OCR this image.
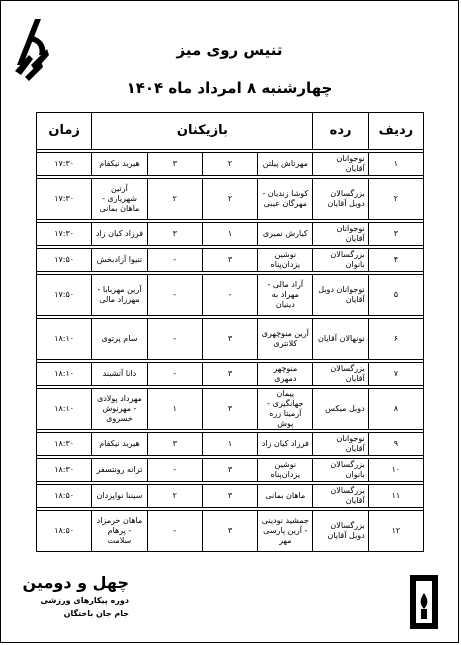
تنیس روی میز
چهارشنبه ۸ امرداد ماه ۱۴۰۴
ردیف	رده	بازیکنان				زمان

۱	نوجوانان آقایان	مهرتاش پیلتن	۲	۳	هیربد نیکفام	۱۷:۳۰

۲	بزرگسالان دوبل آقایان	کوشا زندیان - مهرگان عیبی	۲	۲	آرتین شهریاری - ماهان بمانی	۱۷:۳۰

۳	نوجوانان آقایان	کیارش نمیری	۱	۳	فرزاد کیان زاد	۱۷:۳۰

۴	بزرگسالان بانوان	نوشین یزدان‌پناه	۳	-	تنیوا آزادبخش	۱۷:۵۰

۵	نوجوانان دوبل آقایان	آراد مالی - مهراد به دینیان	-	-	آرین مهربابا - مهرزاد مالی	۱۷:۵۰

۶	نونهالان آقایان	آرین منوچهری کلانتری	۳	-	سام پرتوی	۱۸:۱۰

۷	بزرگسالان آقایان	منوچهر دمهری	۳	-	دانا آتشبند	۱۸:۱۰

۸	دوبل میکس	پیمان جهانگیری - آرمیتا زره پوش	۳	۱	مهرداد پولادی - مهرنوش خسروی	۱۸:۱۰

۹	نوجوانان آقایان	فرزاد کیان زاد	۱	۳	هیربد نیکفام	۱۸:۳۰

۱۰	بزرگسالان بانوان	نوشین یزدان‌پناه	۳	-	ترانه رونتسفر	۱۸:۳۰

۱۱	بزرگسالان آقایان	ماهان بمانی	۳	۲	سیننا نواپزدان	۱۸:۵۰

۱۲	بزرگسالان دوبل آقایان	جمشید نودینی - آرین پارسی مهر	۳	-	ماهان خرمزاد - پرهام سلامت	۱۸:۵۰
چهل و دومین
دوره پیکارهای ورزشی
جام جان باختگان
